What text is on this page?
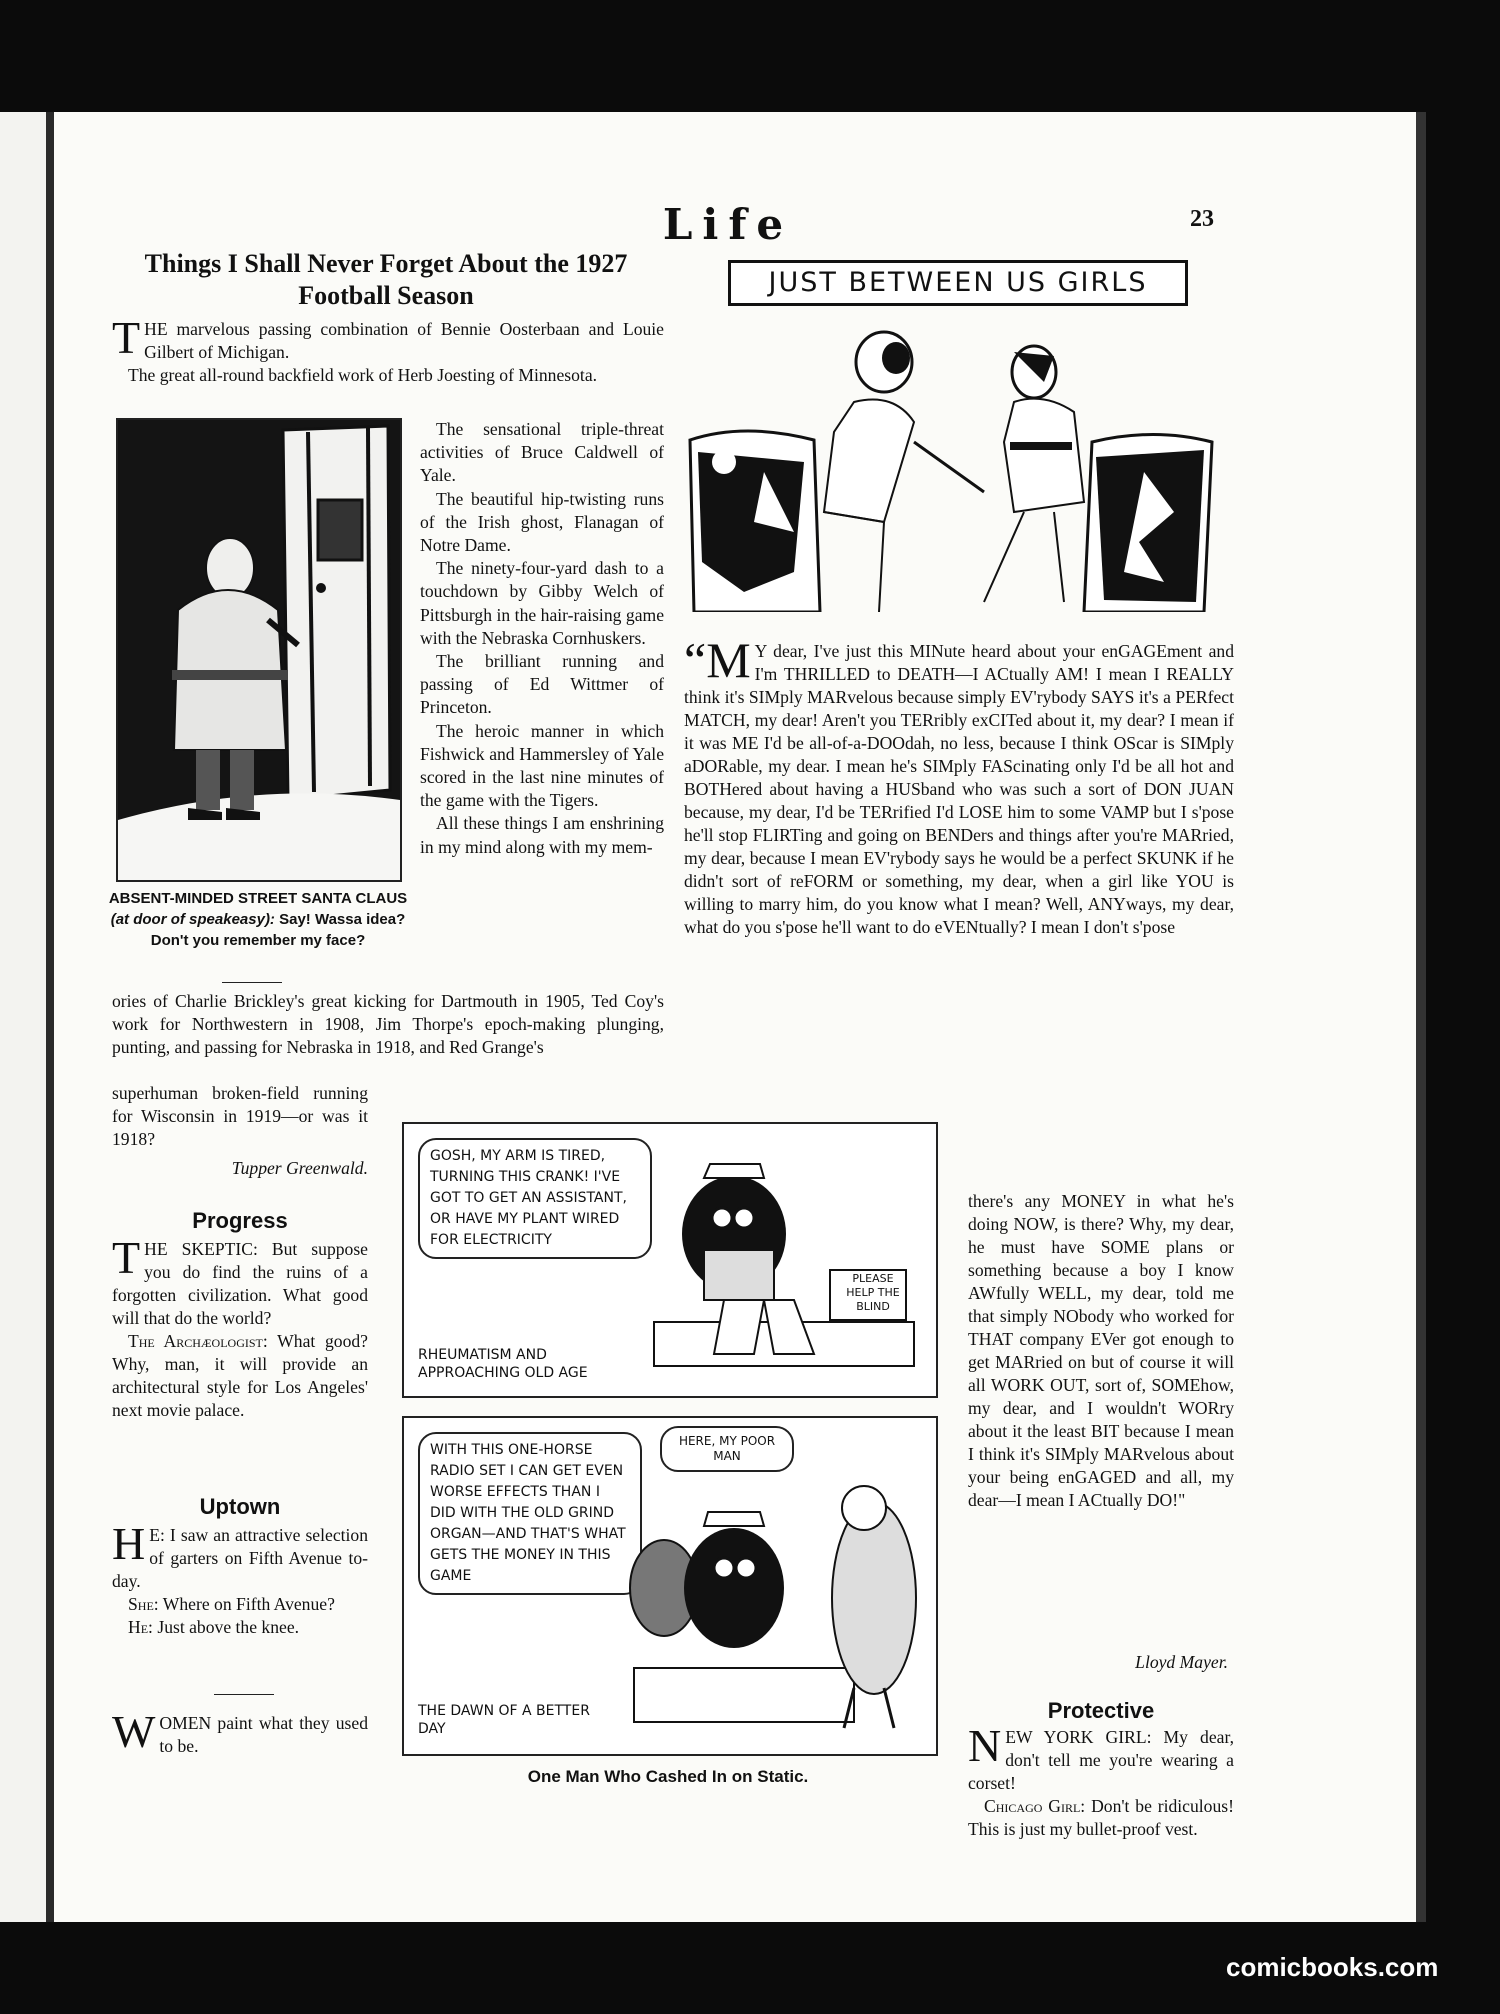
Life	23
Things I Shall Never Forget About the 1927 Football Season

THE marvelous passing combination of Bennie Oosterbaan and Louie Gilbert of Michigan.

The great all-round backfield work of Herb Joesting of Minnesota.

ABSENT-MINDED STREET SANTA CLAUS (at door of speakeasy): Say! Wassa idea? Don't you remember my face?

The sensational triple-threat activities of Bruce Caldwell of Yale.

The beautiful hip-twisting runs of the Irish ghost, Flanagan of Notre Dame.

The ninety-four-yard dash to a touchdown by Gibby Welch of Pittsburgh in the hair-raising game with the Nebraska Cornhuskers.

The brilliant running and passing of Ed Wittmer of Princeton.

The heroic manner in which Fishwick and Hammersley of Yale scored in the last nine minutes of the game with the Tigers.

All these things I am enshrining in my mind along with my mem-

ories of Charlie Brickley's great kicking for Dartmouth in 1905, Ted Coy's work for Northwestern in 1908, Jim Thorpe's epoch-making plunging, punting, and passing for Nebraska in 1918, and Red Grange's
superhuman broken-field running for Wisconsin in 1919—or was it 1918?
Tupper Greenwald.
Progress

THE SKEPTIC: But suppose you do find the ruins of a forgotten civilization. What good will that do the world?

The Archæologist: What good? Why, man, it will provide an architectural style for Los Angeles' next movie palace.

Uptown

H E: I saw an attractive selection of garters on Fifth Avenue to-day.

She: Where on Fifth Avenue?

He: Just above the knee.

WOMEN paint what they used to be.

JUST BETWEEN US GIRLS

“M Y dear, I've just this MINute heard about your enGAGEment and I'm THRILLED to DEATH—I ACtually AM! I mean I REALLY think it's SIMply MARvelous because simply EV'rybody SAYS it's a PERfect MATCH, my dear! Aren't you TERribly exCITed about it, my dear? I mean if it was ME I'd be all-of-a-DOOdah, no less, because I think OScar is SIMply aDORable, my dear. I mean he's SIMply FAScinating only I'd be all hot and BOTHered about having a HUSband who was such a sort of DON JUAN because, my dear, I'd be TERrified I'd LOSE him to some VAMP but I s'pose he'll stop FLIRTing and going on BENDers and things after you're MARried, my dear, because I mean EV'rybody says he would be a perfect SKUNK if he didn't sort of reFORM or something, my dear, when a girl like YOU is willing to marry him, do you know what I mean? Well, ANYways, my dear, what do you s'pose he'll want to do eVENtually? I mean I don't s'pose

there's any MONEY in what he's doing NOW, is there? Why, my dear, he must have SOME plans or something because a boy I know AWfully WELL, my dear, told me that simply NObody who worked for THAT company EVer got enough to get MARried on but of course it will all WORK OUT, sort of, SOMEhow, my dear, and I wouldn't WORry about it the least BIT because I mean I think it's SIMply MARvelous about your being enGAGED and all, my dear—I mean I ACtually DO!"
Lloyd Mayer.
Protective

NEW YORK GIRL: My dear, don't tell me you're wearing a corset!

Chicago Girl: Don't be ridiculous! This is just my bullet-proof vest.

GOSH, MY ARM IS TIRED, TURNING THIS CRANK! I'VE GOT TO GET AN ASSISTANT, OR HAVE MY PLANT WIRED FOR ELECTRICITY
PLEASE HELP THE BLIND
RHEUMATISM AND APPROACHING OLD AGE
WITH THIS ONE-HORSE RADIO SET I CAN GET EVEN WORSE EFFECTS THAN I DID WITH THE OLD GRIND ORGAN—AND THAT'S WHAT GETS THE MONEY IN THIS GAME
HERE, MY POOR MAN
THE DAWN OF A BETTER DAY
One Man Who Cashed In on Static.
comicbooks.com
